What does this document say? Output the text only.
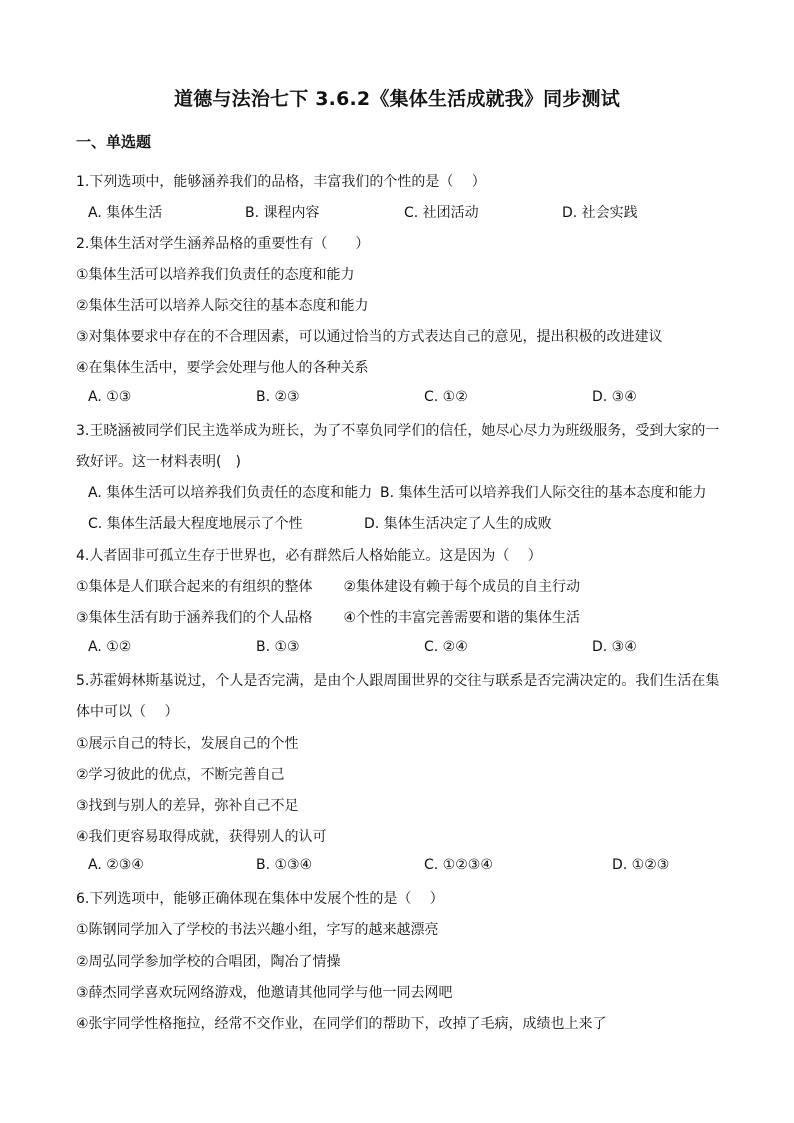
道德与法治七下 3.6.2《集体生活成就我》同步测试
一、单选题
1.下列选项中，能够涵养我们的品格，丰富我们的个性的是（　 ）
A. 集体生活	B. 课程内容	C. 社团活动	D. 社会实践
2.集体生活对学生涵养品格的重要性有（　　）
①集体生活可以培养我们负责任的态度和能力
②集体生活可以培养人际交往的基本态度和能力
③对集体要求中存在的不合理因素，可以通过恰当的方式表达自己的意见，提出积极的改进建议
④在集体生活中，要学会处理与他人的各种关系
A. ①③	B. ②③	C. ①②	D. ③④
3.王晓涵被同学们民主选举成为班长，为了不辜负同学们的信任，她尽心尽力为班级服务，受到大家的一
致好评。这一材料表明(　)
A. 集体生活可以培养我们负责任的态度和能力 B. 集体生活可以培养我们人际交往的基本态度和能力
C. 集体生活最大程度地展示了个性	D. 集体生活决定了人生的成败
4.人者固非可孤立生存于世界也，必有群然后人格始能立。这是因为（　 ）
①集体是人们联合起来的有组织的整体 ②集体建设有赖于每个成员的自主行动
③集体生活有助于涵养我们的个人品格 ④个性的丰富完善需要和谐的集体生活
A. ①②	B. ①③	C. ②④	D. ③④
5.苏霍姆林斯基说过，个人是否完满，是由个人跟周围世界的交往与联系是否完满决定的。我们生活在集
体中可以（　 ）
①展示自己的特长，发展自己的个性
②学习彼此的优点，不断完善自己
③找到与别人的差异，弥补自己不足
④我们更容易取得成就，获得别人的认可
A. ②③④	B. ①③④	C. ①②③④	D. ①②③
6.下列选项中，能够正确体现在集体中发展个性的是（　 ）
①陈钢同学加入了学校的书法兴趣小组，字写的越来越漂亮
②周弘同学参加学校的合唱团，陶冶了情操
③薛杰同学喜欢玩网络游戏，他邀请其他同学与他一同去网吧
④张宇同学性格拖拉，经常不交作业，在同学们的帮助下，改掉了毛病，成绩也上来了
